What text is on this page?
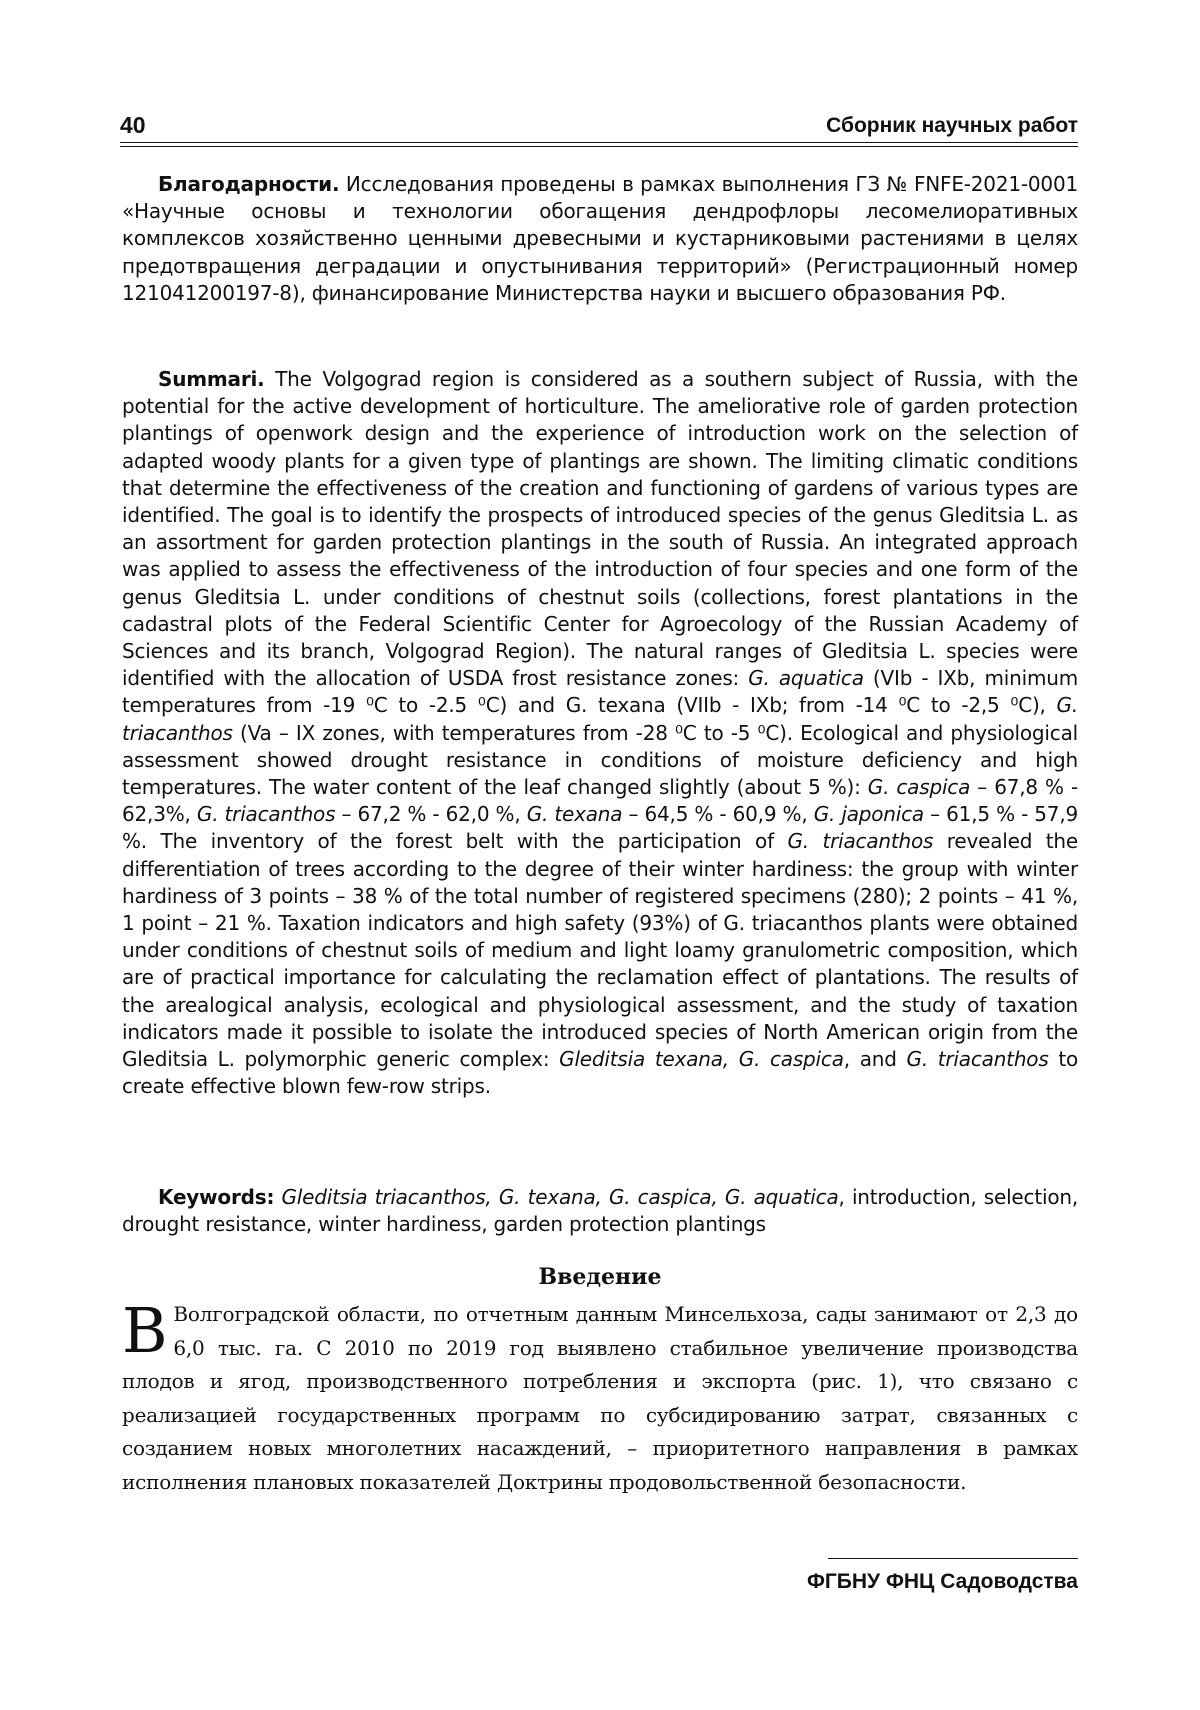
40	Сборник научных работ

Благодарности. Исследования проведены в рамках выполнения ГЗ № FNFE-2021-0001 «Научные основы и технологии обогащения дендрофлоры лесомелиоративных комплексов хозяйственно ценными древесными и кустарниковыми растениями в целях предотвращения деградации и опустынивания территорий» (Регистрационный номер 121041200197-8), финансирование Министерства науки и высшего образования РФ.

Summari. The Volgograd region is considered as a southern subject of Russia, with the potential for the active development of horticulture. The ameliorative role of garden protection plantings of openwork design and the experience of introduction work on the selection of adapted woody plants for a given type of plantings are shown. The limiting climatic conditions that determine the effectiveness of the creation and functioning of gardens of various types are identified. The goal is to identify the prospects of introduced species of the genus Gleditsia L. as an assortment for garden protection plantings in the south of Russia. An integrated approach was applied to assess the effectiveness of the introduction of four species and one form of the genus Gleditsia L. under conditions of chestnut soils (collections, forest plantations in the cadastral plots of the Federal Scientific Center for Agroecology of the Russian Academy of Sciences and its branch, Volgograd Region). The natural ranges of Gleditsia L. species were identified with the allocation of USDA frost resistance zones: G. aquatica (VIb - IXb, minimum temperatures from -19 ⁰C to -2.5 ⁰C) and G. texana (VIIb - IXb; from -14 ⁰C to -2,5 ⁰C), G. triacanthos (Va – IX zones, with temperatures from -28 ⁰C to -5 ⁰C). Ecological and physiological assessment showed drought resistance in conditions of moisture deficiency and high temperatures. The water content of the leaf changed slightly (about 5 %): G. caspica – 67,8 % - 62,3%, G. triacanthos – 67,2 % - 62,0 %, G. texana – 64,5 % - 60,9 %, G. japonica – 61,5 % - 57,9 %. The inventory of the forest belt with the participation of G. triacanthos revealed the differentiation of trees according to the degree of their winter hardiness: the group with winter hardiness of 3 points – 38 % of the total number of registered specimens (280); 2 points – 41 %, 1 point – 21 %. Taxation indicators and high safety (93%) of G. triacanthos plants were obtained under conditions of chestnut soils of medium and light loamy granulometric composition, which are of practical importance for calculating the reclamation effect of plantations. The results of the arealogical analysis, ecological and physiological assessment, and the study of taxation indicators made it possible to isolate the introduced species of North American origin from the Gleditsia L. polymorphic generic complex: Gleditsia texana, G. caspica, and G. triacanthos to create effective blown few-row strips.

Keywords: Gleditsia triacanthos, G. texana, G. caspica, G. aquatica, introduction, selection, drought resistance, winter hardiness, garden protection plantings

Введение

В Волгоградской области, по отчетным данным Минсельхоза, сады занимают от 2,3 до 6,0 тыс. га. С 2010 по 2019 год выявлено стабильное увеличение производства плодов и ягод, производственного потребления и экспорта (рис. 1), что связано с реализацией государственных программ по субсидированию затрат, связанных с созданием новых многолетних насаждений, – приоритетного направления в рамках исполнения плановых показателей Доктрины продовольственной безопасности.

ФГБНУ ФНЦ Садоводства
